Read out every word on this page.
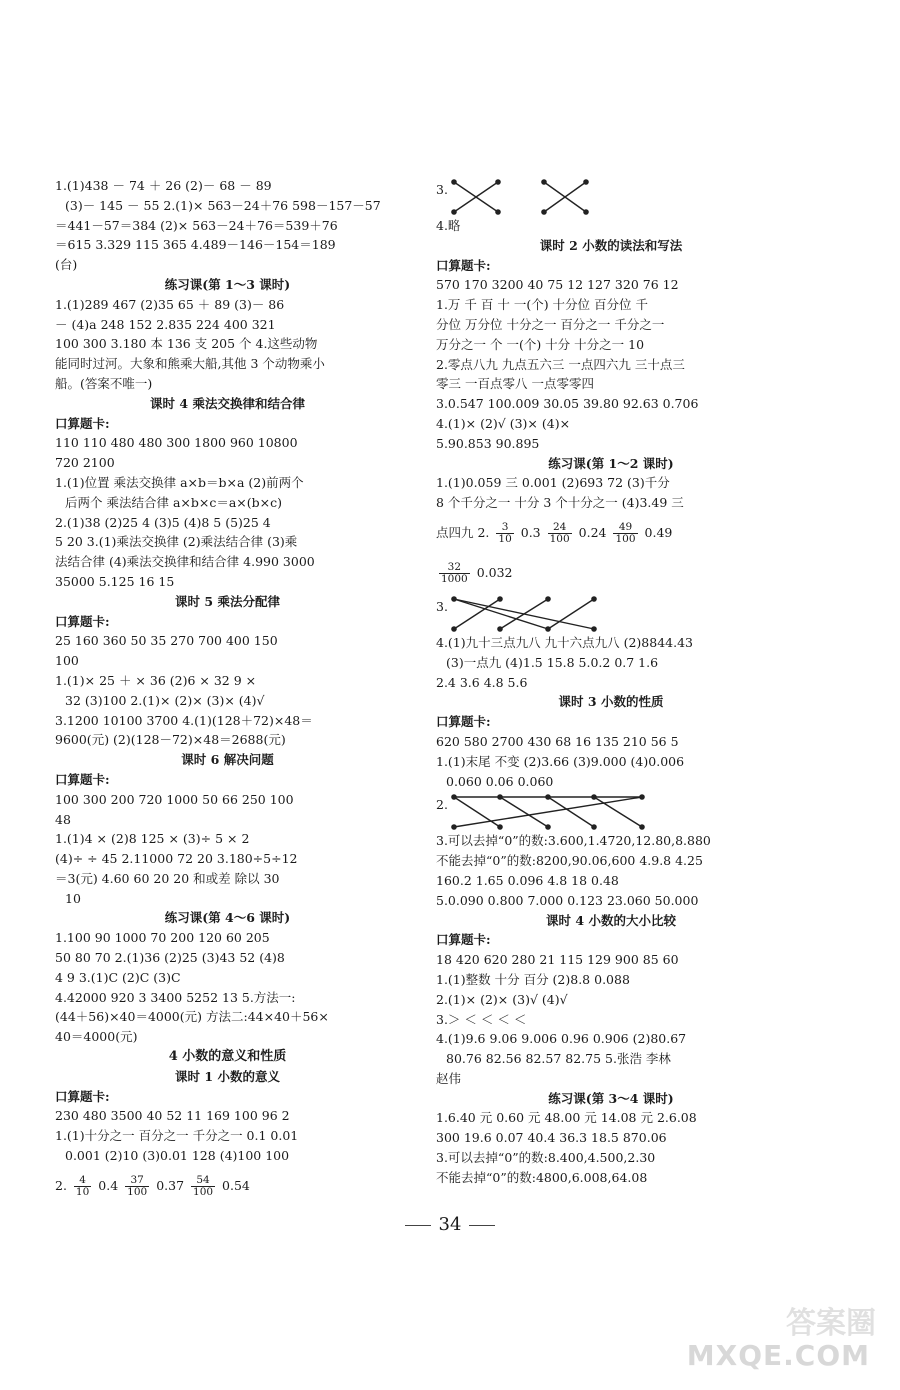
1.(1)438 － 74 ＋ 26 (2)－ 68 － 89
(3)－ 145 － 55 2.(1)× 563－24＋76 598－157－57
＝441－57＝384 (2)× 563－24＋76＝539＋76
＝615 3.329 115 365 4.489－146－154＝189
(台)
练习课(第 1～3 课时)
1.(1)289 467 (2)35 65 ＋ 89 (3)－ 86
－ (4)a 248 152 2.835 224 400 321
100 300 3.180 本 136 支 205 个 4.这些动物
能同时过河。大象和熊乘大船,其他 3 个动物乘小
船。(答案不唯一)
课时 4 乘法交换律和结合律
口算题卡:
110 110 480 480 300 1800 960 10800
720 2100
1.(1)位置 乘法交换律 a×b＝b×a (2)前两个
后两个 乘法结合律 a×b×c＝a×(b×c)
2.(1)38 (2)25 4 (3)5 (4)8 5 (5)25 4
5 20 3.(1)乘法交换律 (2)乘法结合律 (3)乘
法结合律 (4)乘法交换律和结合律 4.990 3000
35000 5.125 16 15
课时 5 乘法分配律
口算题卡:
25 160 360 50 35 270 700 400 150
100
1.(1)× 25 ＋ × 36 (2)6 × 32 9 ×
32 (3)100 2.(1)× (2)× (3)× (4)√
3.1200 10100 3700 4.(1)(128＋72)×48＝
9600(元) (2)(128－72)×48＝2688(元)
课时 6 解决问题
口算题卡:
100 300 200 720 1000 50 66 250 100
48
1.(1)4 × (2)8 125 × (3)÷ 5 × 2
(4)÷ ÷ 45 2.11000 72 20 3.180÷5÷12
＝3(元) 4.60 60 20 20 和或差 除以 30
10
练习课(第 4～6 课时)
1.100 90 1000 70 200 120 60 205
50 80 70 2.(1)36 (2)25 (3)43 52 (4)8
4 9 3.(1)C (2)C (3)C
4.42000 920 3 3400 5252 13 5.方法一:
(44＋56)×40＝4000(元) 方法二:44×40＋56×
40＝4000(元)
4 小数的意义和性质
课时 1 小数的意义
口算题卡:
230 480 3500 40 52 11 169 100 96 2
1.(1)十分之一 百分之一 千分之一 0.1 0.01
0.001 (2)10 (3)0.01 128 (4)100 100
2. $\frac{4}{10} 0.4 \frac{37}{100} 0.37 \frac{54}{100} 0.54$
3.
4.略
课时 2 小数的读法和写法
口算题卡:
570 170 3200 40 75 12 127 320 76 12
1.万 千 百 十 一(个) 十分位 百分位 千
分位 万分位 十分之一 百分之一 千分之一
万分之一 个 一(个) 十分 十分之一 10
2.零点八九 九点五六三 一点四六九 三十点三
零三 一百点零八 一点零零四
3.0.547 100.009 30.05 39.80 92.63 0.706
4.(1)× (2)√ (3)× (4)×
5.90.853 90.895
练习课(第 1～2 课时)
1.(1)0.059 三 0.001 (2)693 72 (3)千分
8 个千分之一 十分 3 个十分之一 (4)3.49 三
点四九 2. $\frac{3}{10} 0.3 \frac{24}{100} 0.24 \frac{49}{100} 0.49$
$\frac{32}{1000} 0.032$
3.
4.(1)九十三点九八 九十六点九八 (2)8844.43
(3)一点九 (4)1.5 15.8 5.0.2 0.7 1.6
2.4 3.6 4.8 5.6
课时 3 小数的性质
口算题卡:
620 580 2700 430 68 16 135 210 56 5
1.(1)末尾 不变 (2)3.66 (3)9.000 (4)0.006
0.060 0.06 0.060
2.
3.可以去掉“0”的数:3.600,1.4720,12.80,8.880
不能去掉“0”的数:8200,90.06,600 4.9.8 4.25
160.2 1.65 0.096 4.8 18 0.48
5.0.090 0.800 7.000 0.123 23.060 50.000
课时 4 小数的大小比较
口算题卡:
18 420 620 280 21 115 129 900 85 60
1.(1)整数 十分 百分 (2)8.8 0.088
2.(1)× (2)× (3)√ (4)√
3.＞ ＜ ＜ ＜ ＜
4.(1)9.6 9.06 9.006 0.96 0.906 (2)80.67
80.76 82.56 82.57 82.75 5.张浩 李林
赵伟
练习课(第 3～4 课时)
1.6.40 元 0.60 元 48.00 元 14.08 元 2.6.08
300 19.6 0.07 40.4 36.3 18.5 870.06
3.可以去掉“0”的数:8.400,4.500,2.30
不能去掉“0”的数:4800,6.008,64.08
34
答案圈
MXQE.COM
